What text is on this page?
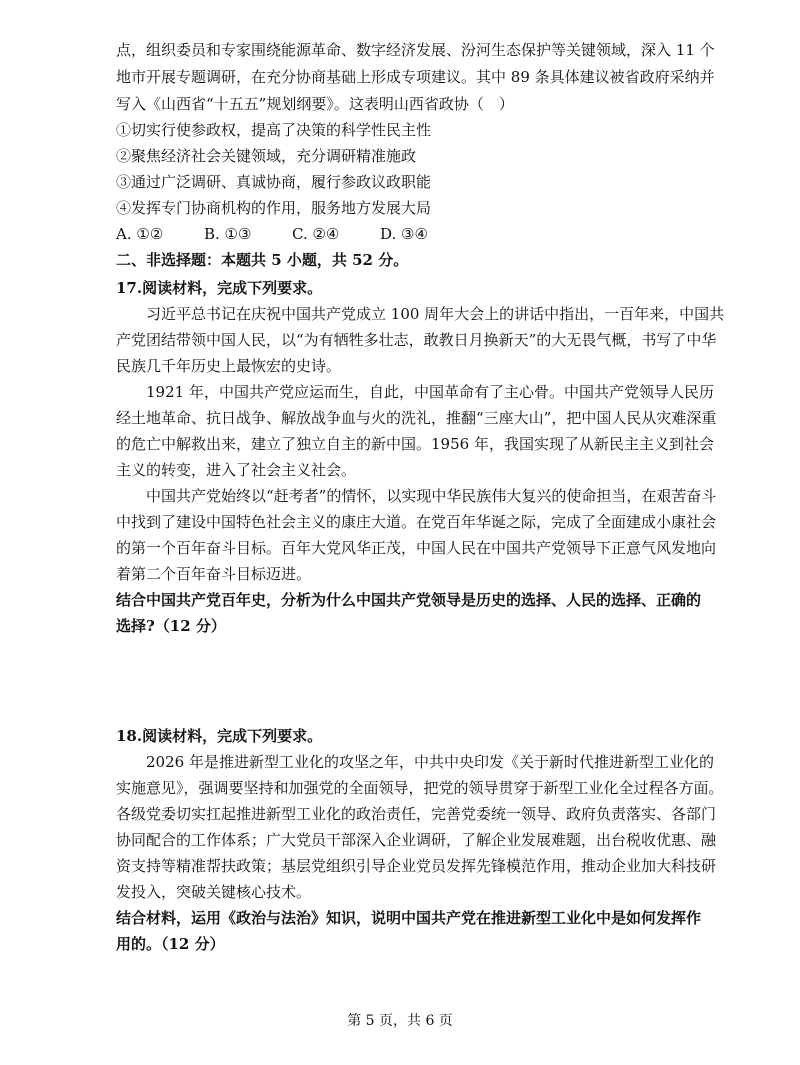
点，组织委员和专家围绕能源革命、数字经济发展、汾河生态保护等关键领域，深入 11 个

地市开展专题调研，在充分协商基础上形成专项建议。其中 89 条具体建议被省政府采纳并

写入《山西省“十五五”规划纲要》。这表明山西省政协（　）

①切实行使参政权，提高了决策的科学性民主性

②聚焦经济社会关键领域，充分调研精准施政

③通过广泛调研、真诚协商，履行参政议政职能

④发挥专门协商机构的作用，服务地方发展大局

A. ①②	B. ①③	C. ②④	D. ③④

二、非选择题：本题共 5 小题，共 52 分。

17.阅读材料，完成下列要求。

习近平总书记在庆祝中国共产党成立 100 周年大会上的讲话中指出，一百年来，中国共

产党团结带领中国人民，以“为有牺牲多壮志，敢教日月换新天”的大无畏气概，书写了中华

民族几千年历史上最恢宏的史诗。

1921 年，中国共产党应运而生，自此，中国革命有了主心骨。中国共产党领导人民历

经土地革命、抗日战争、解放战争血与火的洗礼，推翻“三座大山”，把中国人民从灾难深重

的危亡中解救出来，建立了独立自主的新中国。1956 年，我国实现了从新民主主义到社会

主义的转变，进入了社会主义社会。

中国共产党始终以“赶考者”的情怀，以实现中华民族伟大复兴的使命担当，在艰苦奋斗

中找到了建设中国特色社会主义的康庄大道。在党百年华诞之际，完成了全面建成小康社会

的第一个百年奋斗目标。百年大党风华正茂，中国人民在中国共产党领导下正意气风发地向

着第二个百年奋斗目标迈进。

结合中国共产党百年史，分析为什么中国共产党领导是历史的选择、人民的选择、正确的

选择?（12 分）

18.阅读材料，完成下列要求。

2026 年是推进新型工业化的攻坚之年，中共中央印发《关于新时代推进新型工业化的

实施意见》，强调要坚持和加强党的全面领导，把党的领导贯穿于新型工业化全过程各方面。

各级党委切实扛起推进新型工业化的政治责任，完善党委统一领导、政府负责落实、各部门

协同配合的工作体系；广大党员干部深入企业调研，了解企业发展难题，出台税收优惠、融

资支持等精准帮扶政策；基层党组织引导企业党员发挥先锋模范作用，推动企业加大科技研

发投入，突破关键核心技术。

结合材料，运用《政治与法治》知识，说明中国共产党在推进新型工业化中是如何发挥作

用的。（12 分）

第 5 页，共 6 页
